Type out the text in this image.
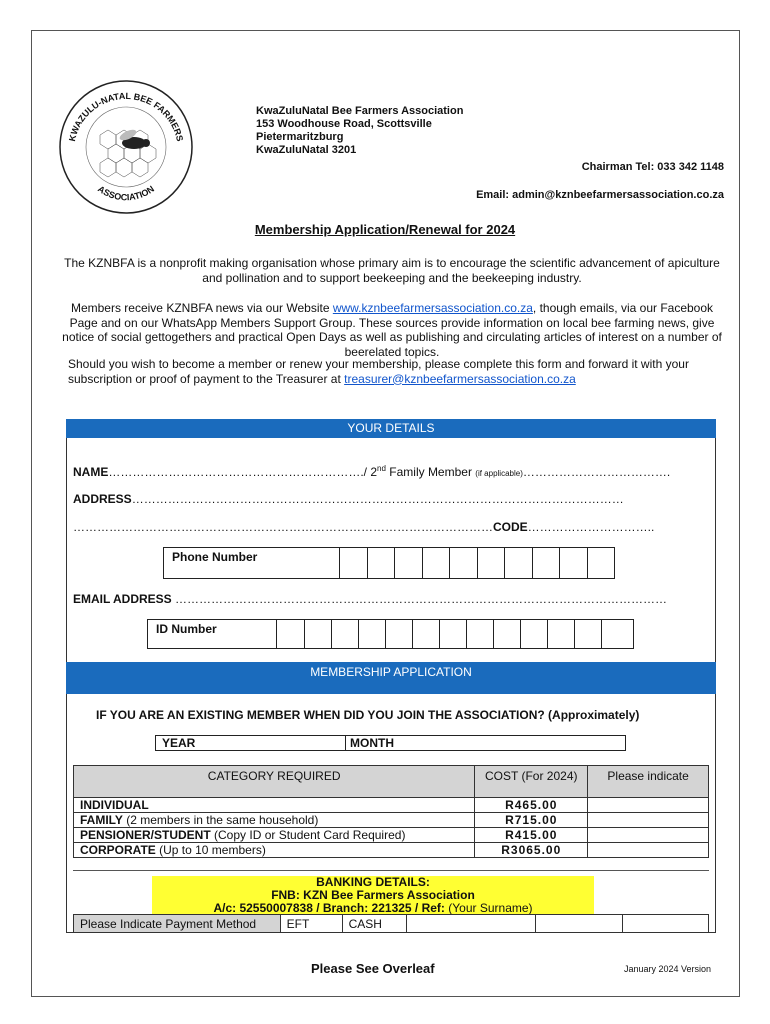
KWAZULU-NATAL BEE FARMERS
ASSOCIATION
KwaZuluNatal Bee Farmers Association
153 Woodhouse Road, Scottsville
Pietermaritzburg
KwaZuluNatal 3201
Chairman Tel: 033 342 1148
Email: admin@kznbeefarmersassociation.co.za
Membership Application/Renewal for 2024
The KZNBFA is a nonprofit making organisation whose primary aim is to encourage the scientific advancement of apiculture and pollination and to support beekeeping and the beekeeping industry.
Members receive KZNBFA news via our Website www.kznbeefarmersassociation.co.za, though emails, via our Facebook Page and on our WhatsApp Members Support Group. These sources provide information on local bee farming news, give notice of social gettogethers and practical Open Days as well as publishing and circulating articles of interest on a number of beerelated topics.
Should you wish to become a member or renew your membership, please complete this form and forward it with your subscription or proof of payment to the Treasurer at treasurer@kznbeefarmersassociation.co.za
YOUR DETAILS
NAME………………………………………………………./ 2nd Family Member (if applicable)……………………………….
ADDRESS……………………………………………………………………………………………………………
……………………………………………………………………………………………CODE…………………………..
Phone Number
EMAIL ADDRESS ……………………………………………………………………………………………………………
ID Number
MEMBERSHIP APPLICATION
IF YOU ARE AN EXISTING MEMBER WHEN DID YOU JOIN THE ASSOCIATION? (Approximately)
YEAR	MONTH
CATEGORY REQUIRED	COST (For 2024)	Please indicate
INDIVIDUAL	R465.00	
FAMILY (2 members in the same household)	R715.00	
PENSIONER/STUDENT (Copy ID or Student Card Required)	R415.00	
CORPORATE (Up to 10 members)	R3065.00	
BANKING DETAILS:
FNB: KZN Bee Farmers Association
A/c: 52550007838 / Branch: 221325 / Ref: (Your Surname)
Please Indicate Payment Method	EFT	CASH			
Please See Overleaf	January 2024 Version
